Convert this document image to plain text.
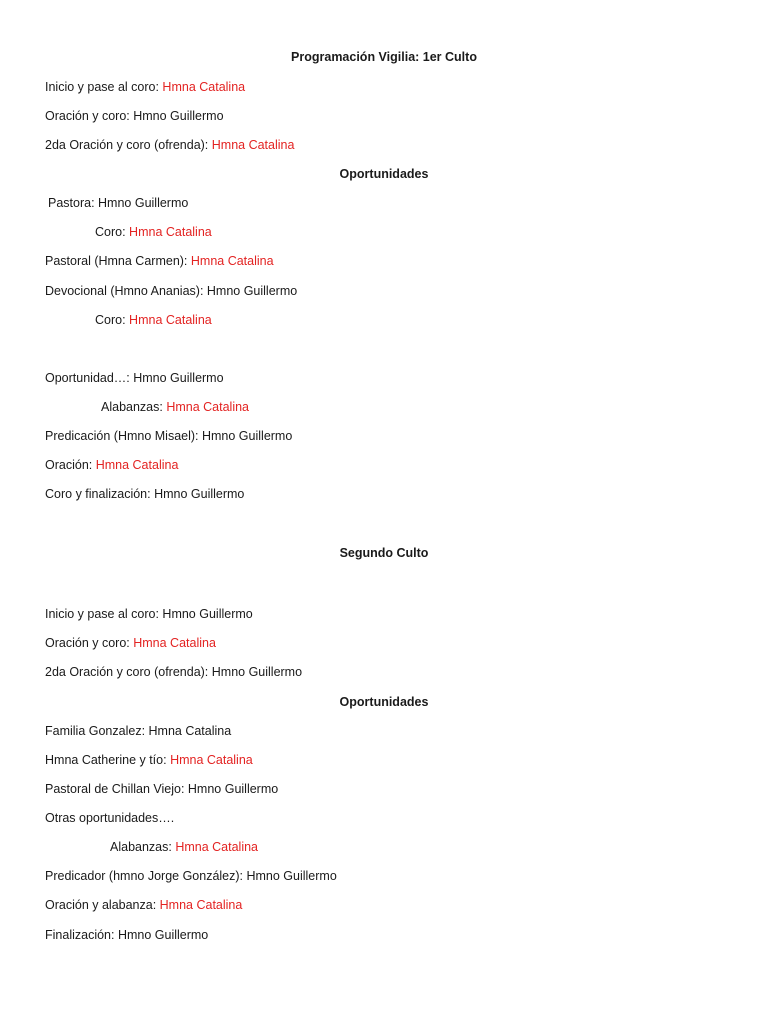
Programación Vigilia: 1er Culto
Inicio y pase al coro: Hmna Catalina
Oración y coro: Hmno Guillermo
2da Oración y coro (ofrenda): Hmna Catalina
Oportunidades
Pastora: Hmno Guillermo
Coro: Hmna Catalina
Pastoral (Hmna Carmen): Hmna Catalina
Devocional (Hmno Ananias): Hmno Guillermo
Coro: Hmna Catalina
Oportunidad…: Hmno Guillermo
Alabanzas: Hmna Catalina
Predicación (Hmno Misael): Hmno Guillermo
Oración: Hmna Catalina
Coro y finalización: Hmno Guillermo
Segundo Culto
Inicio y pase al coro: Hmno Guillermo
Oración y coro: Hmna Catalina
2da Oración y coro (ofrenda): Hmno Guillermo
Oportunidades
Familia Gonzalez: Hmna Catalina
Hmna Catherine y tío: Hmna Catalina
Pastoral de Chillan Viejo: Hmno Guillermo
Otras oportunidades….
Alabanzas: Hmna Catalina
Predicador (hmno Jorge González): Hmno Guillermo
Oración y alabanza: Hmna Catalina
Finalización: Hmno Guillermo
